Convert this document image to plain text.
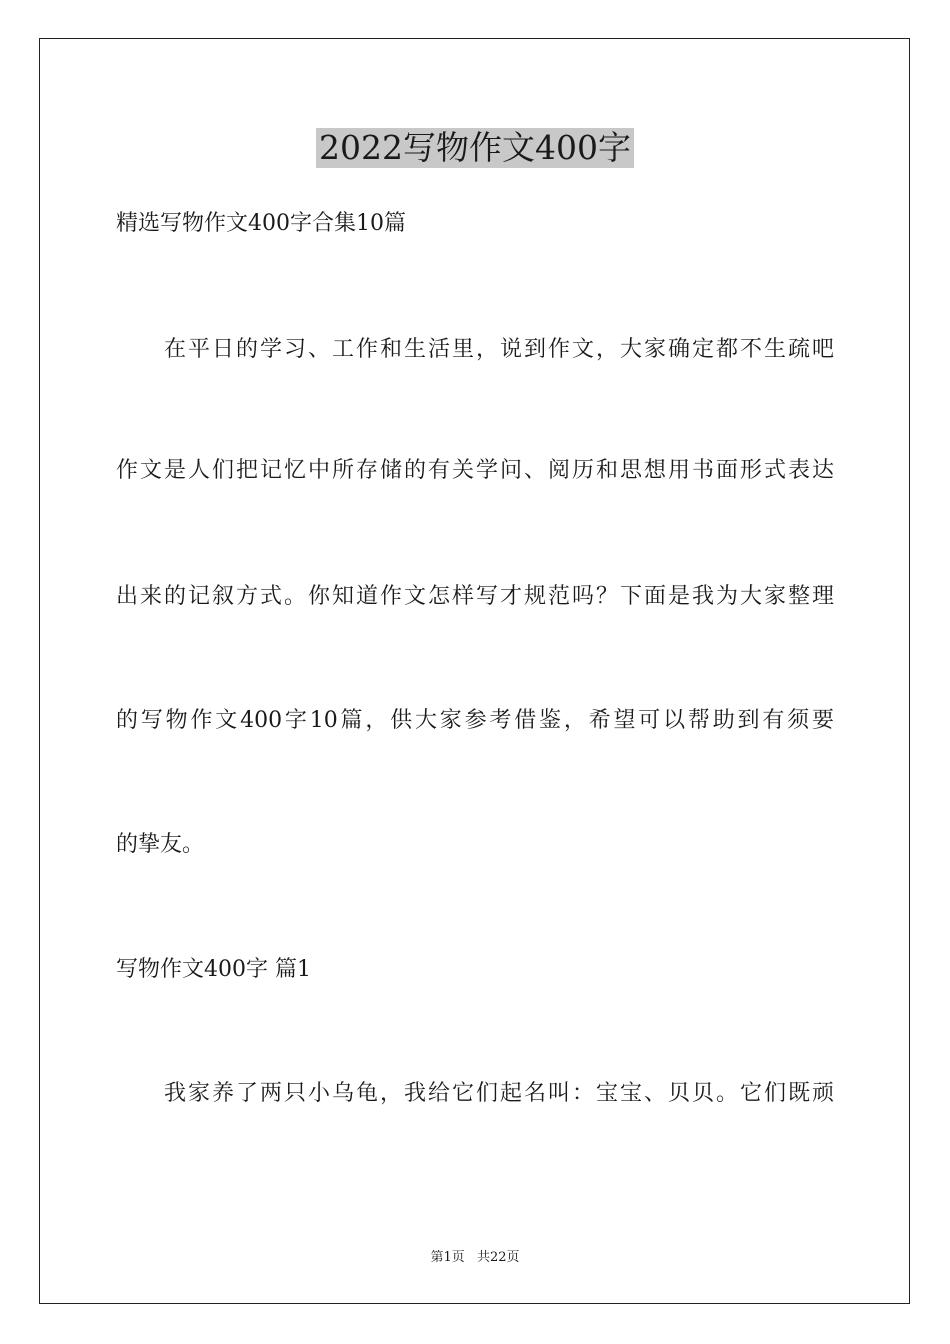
2022写物作文400字

精选写物作文400字合集10篇

在平日的学习、工作和生活里，说到作文，大家确定都不生疏吧

作文是人们把记忆中所存储的有关学问、阅历和思想用书面形式表达

出来的记叙方式。你知道作文怎样写才规范吗？下面是我为大家整理

的写物作文400字10篇，供大家参考借鉴，希望可以帮助到有须要

的挚友。

写物作文400字 篇1

我家养了两只小乌龟，我给它们起名叫：宝宝、贝贝。它们既顽

第1页 共22页
